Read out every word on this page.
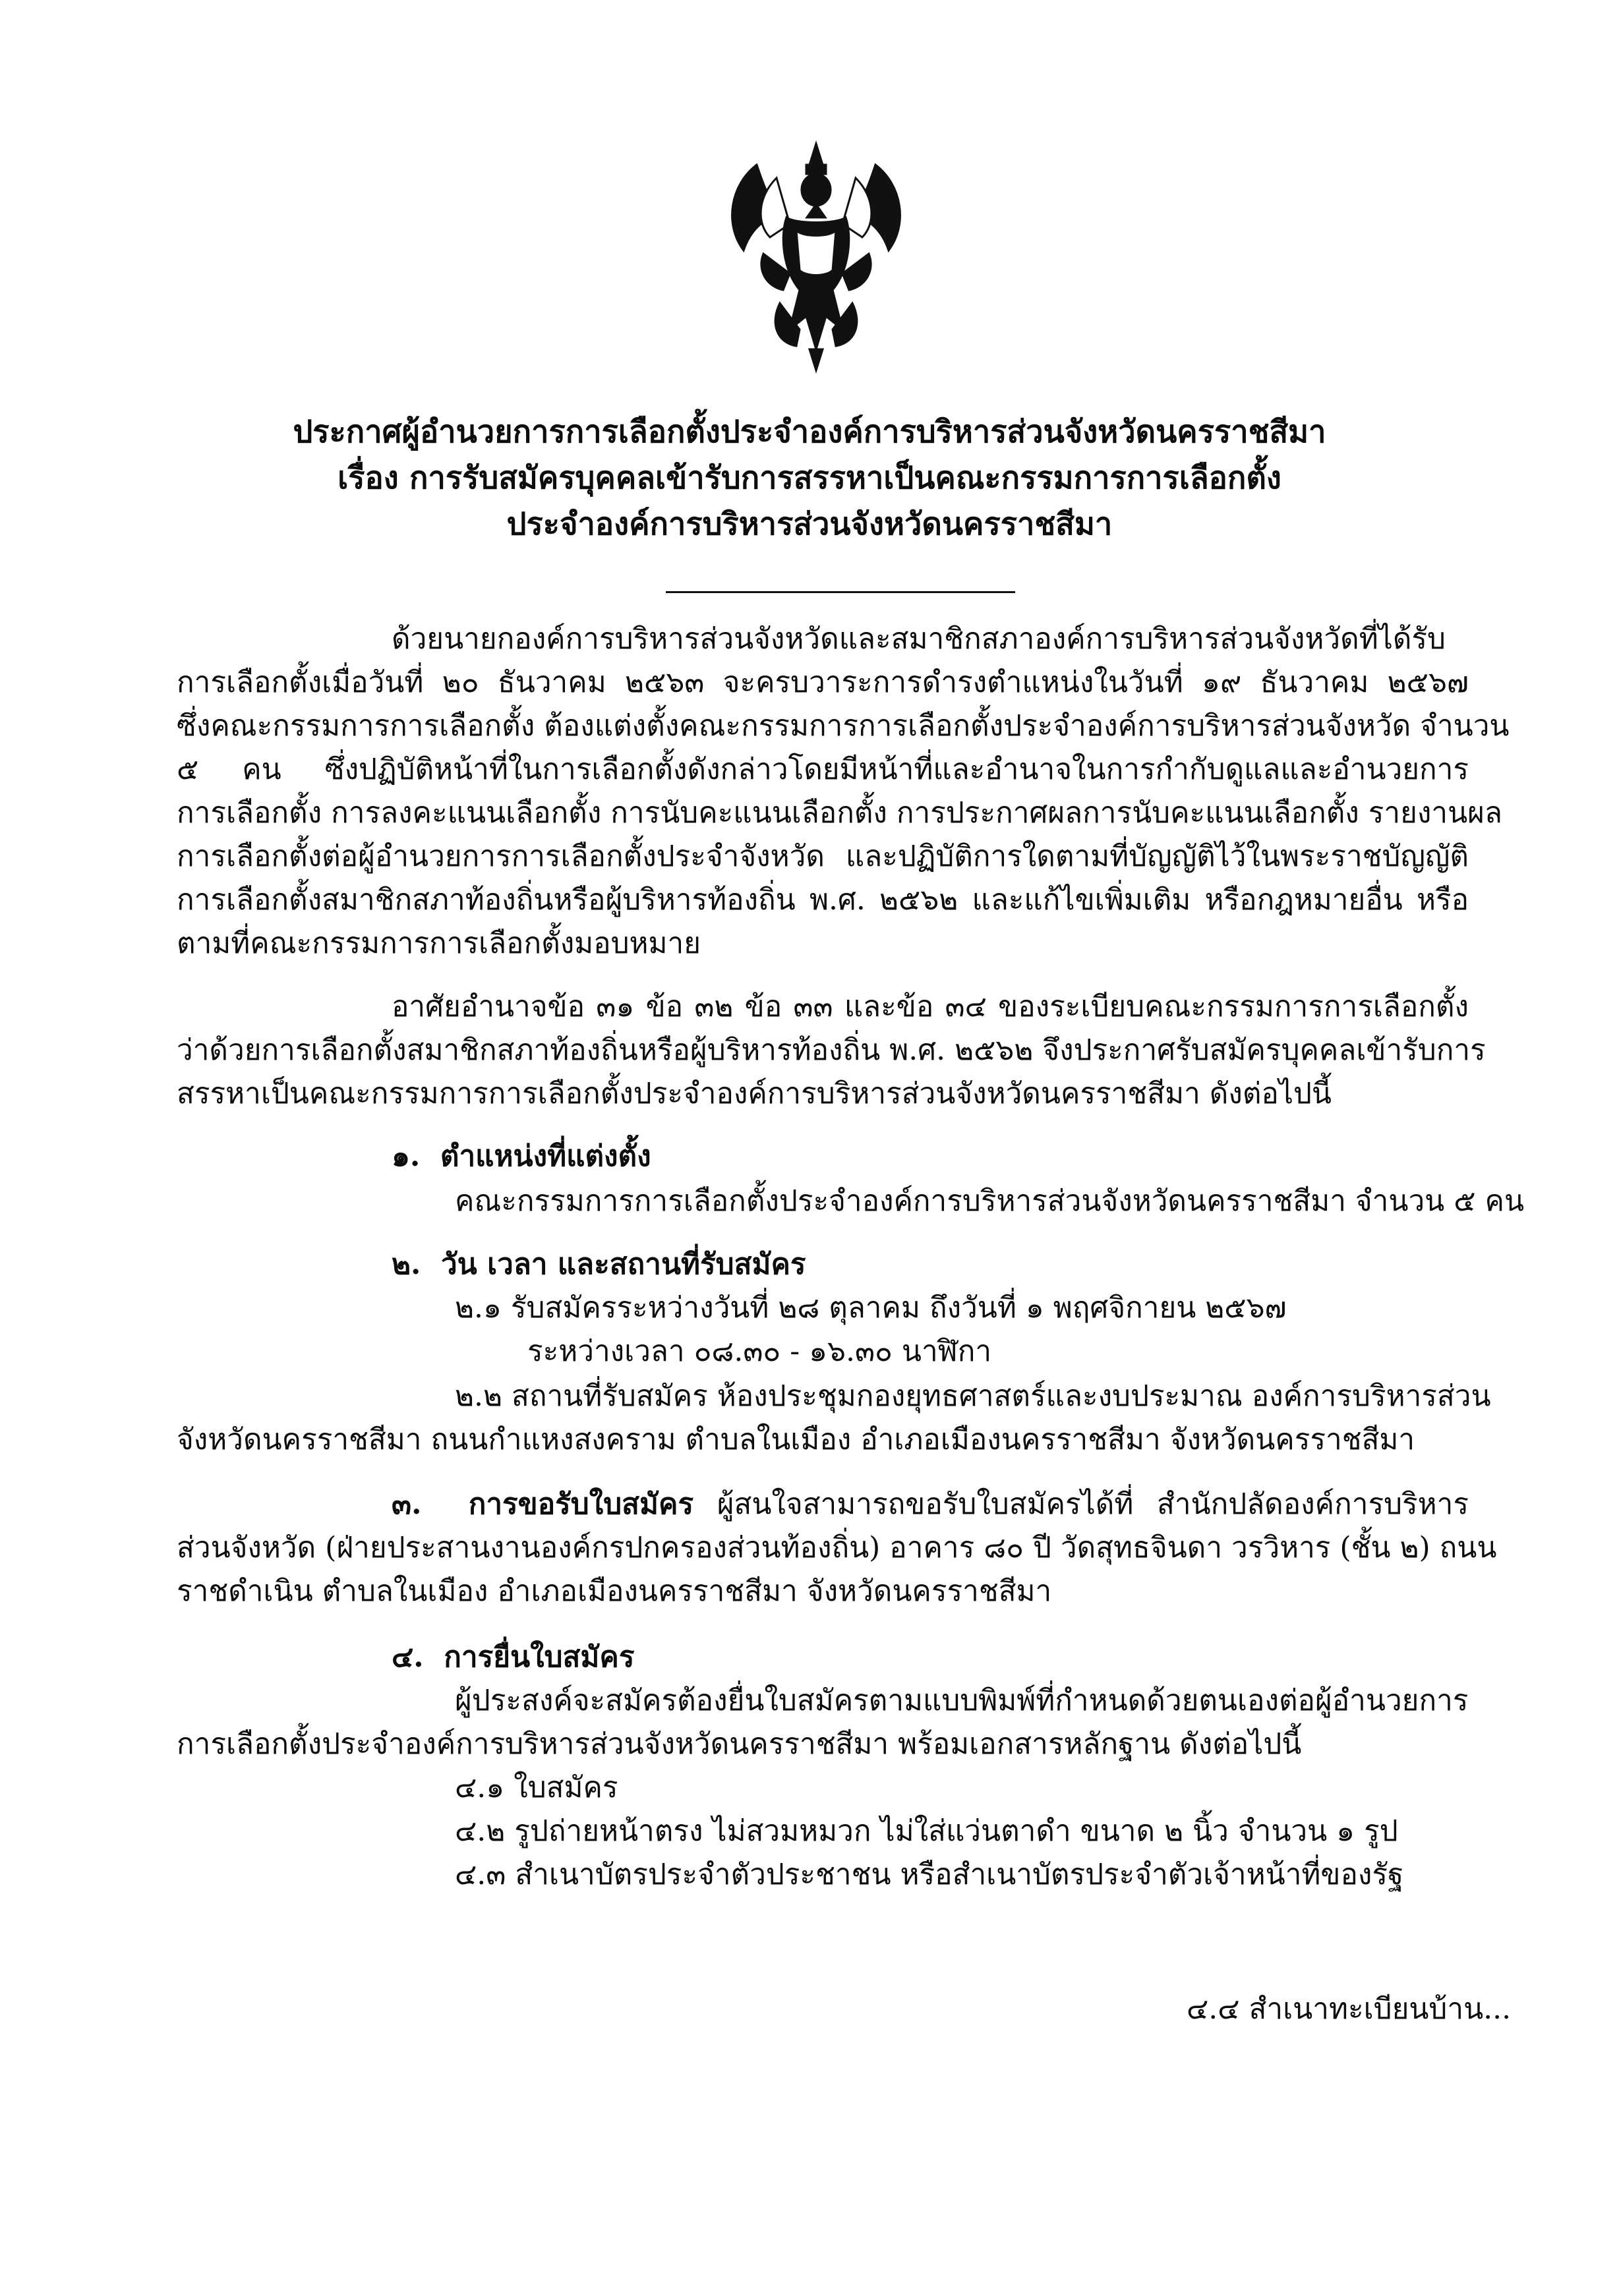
ประกาศผู้อำนวยการการเลือกตั้งประจำองค์การบริหารส่วนจังหวัดนครราชสีมา
เรื่อง การรับสมัครบุคคลเข้ารับการสรรหาเป็นคณะกรรมการการเลือกตั้ง
ประจำองค์การบริหารส่วนจังหวัดนครราชสีมา
ด้วยนายกองค์การบริหารส่วนจังหวัดและสมาชิกสภาองค์การบริหารส่วนจังหวัดที่ได้รับ
การเลือกตั้งเมื่อวันที่ ๒๐ ธันวาคม ๒๕๖๓ จะครบวาระการดำรงตำแหน่งในวันที่ ๑๙ ธันวาคม ๒๕๖๗
ซึ่งคณะกรรมการการเลือกตั้ง ต้องแต่งตั้งคณะกรรมการการเลือกตั้งประจำองค์การบริหารส่วนจังหวัด จำนวน
๕ คน ซึ่งปฏิบัติหน้าที่ในการเลือกตั้งดังกล่าวโดยมีหน้าที่และอำนาจในการกำกับดูแลและอำนวยการ
การเลือกตั้ง การลงคะแนนเลือกตั้ง การนับคะแนนเลือกตั้ง การประกาศผลการนับคะแนนเลือกตั้ง รายงานผล
การเลือกตั้งต่อผู้อำนวยการการเลือกตั้งประจำจังหวัด และปฏิบัติการใดตามที่บัญญัติไว้ในพระราชบัญญัติ
การเลือกตั้งสมาชิกสภาท้องถิ่นหรือผู้บริหารท้องถิ่น พ.ศ. ๒๕๖๒ และแก้ไขเพิ่มเติม หรือกฎหมายอื่น หรือ
ตามที่คณะกรรมการการเลือกตั้งมอบหมาย
อาศัยอำนาจข้อ ๓๑ ข้อ ๓๒ ข้อ ๓๓ และข้อ ๓๔ ของระเบียบคณะกรรมการการเลือกตั้ง
ว่าด้วยการเลือกตั้งสมาชิกสภาท้องถิ่นหรือผู้บริหารท้องถิ่น พ.ศ. ๒๕๖๒ จึงประกาศรับสมัครบุคคลเข้ารับการ
สรรหาเป็นคณะกรรมการการเลือกตั้งประจำองค์การบริหารส่วนจังหวัดนครราชสีมา ดังต่อไปนี้
๑. ตำแหน่งที่แต่งตั้ง
คณะกรรมการการเลือกตั้งประจำองค์การบริหารส่วนจังหวัดนครราชสีมา จำนวน ๕ คน
๒. วัน เวลา และสถานที่รับสมัคร
๒.๑ รับสมัครระหว่างวันที่ ๒๘ ตุลาคม ถึงวันที่ ๑ พฤศจิกายน ๒๕๖๗
ระหว่างเวลา ๐๘.๓๐ - ๑๖.๓๐ นาฬิกา
๒.๒ สถานที่รับสมัคร ห้องประชุมกองยุทธศาสตร์และงบประมาณ องค์การบริหารส่วน
จังหวัดนครราชสีมา ถนนกำแหงสงคราม ตำบลในเมือง อำเภอเมืองนครราชสีมา จังหวัดนครราชสีมา
๓. การขอรับใบสมัคร ผู้สนใจสามารถขอรับใบสมัครได้ที่ สำนักปลัดองค์การบริหาร
ส่วนจังหวัด (ฝ่ายประสานงานองค์กรปกครองส่วนท้องถิ่น) อาคาร ๘๐ ปี วัดสุทธจินดา วรวิหาร (ชั้น ๒) ถนน
ราชดำเนิน ตำบลในเมือง อำเภอเมืองนครราชสีมา จังหวัดนครราชสีมา
๔. การยื่นใบสมัคร
ผู้ประสงค์จะสมัครต้องยื่นใบสมัครตามแบบพิมพ์ที่กำหนดด้วยตนเองต่อผู้อำนวยการ
การเลือกตั้งประจำองค์การบริหารส่วนจังหวัดนครราชสีมา พร้อมเอกสารหลักฐาน ดังต่อไปนี้
๔.๑ ใบสมัคร
๔.๒ รูปถ่ายหน้าตรง ไม่สวมหมวก ไม่ใส่แว่นตาดำ ขนาด ๒ นิ้ว จำนวน ๑ รูป
๔.๓ สำเนาบัตรประจำตัวประชาชน หรือสำเนาบัตรประจำตัวเจ้าหน้าที่ของรัฐ
๔.๔ สำเนาทะเบียนบ้าน...
